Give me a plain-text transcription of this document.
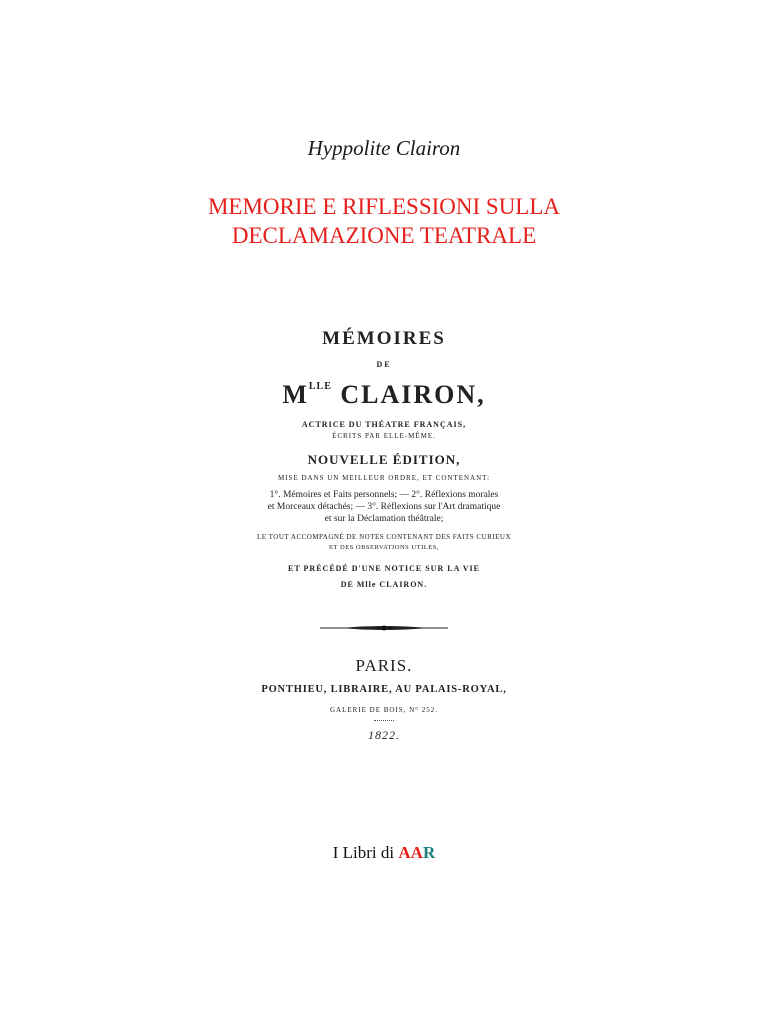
Hyppolite Clairon
MEMORIE E RIFLESSIONI SULLA
DECLAMAZIONE TEATRALE
MÉMOIRES
DE
$M^{LLE}$ CLAIRON,
ACTRICE DU THÉATRE FRANÇAIS,
ÉCRITS PAR ELLE-MÊME.
NOUVELLE ÉDITION,
MISE DANS UN MEILLEUR ORDRE, ET CONTENANT:
1°. Mémoires et Faits personnels; — 2°. Réflexions morales
et Morceaux détachés; — 3°. Réflexions sur l'Art dramatique
et sur la Déclamation théâtrale;
LE TOUT ACCOMPAGNÉ DE NOTES CONTENANT DES FAITS CURIEUX
ET DES OBSERVATIONS UTILES,
ET PRÉCÉDÉ D'UNE NOTICE SUR LA VIE
DE Mlle CLAIRON.
PARIS.
PONTHIEU, LIBRAIRE, AU PALAIS-ROYAL,
GALERIE DE BOIS, N° 252.
1822.
I Libri di AAR
